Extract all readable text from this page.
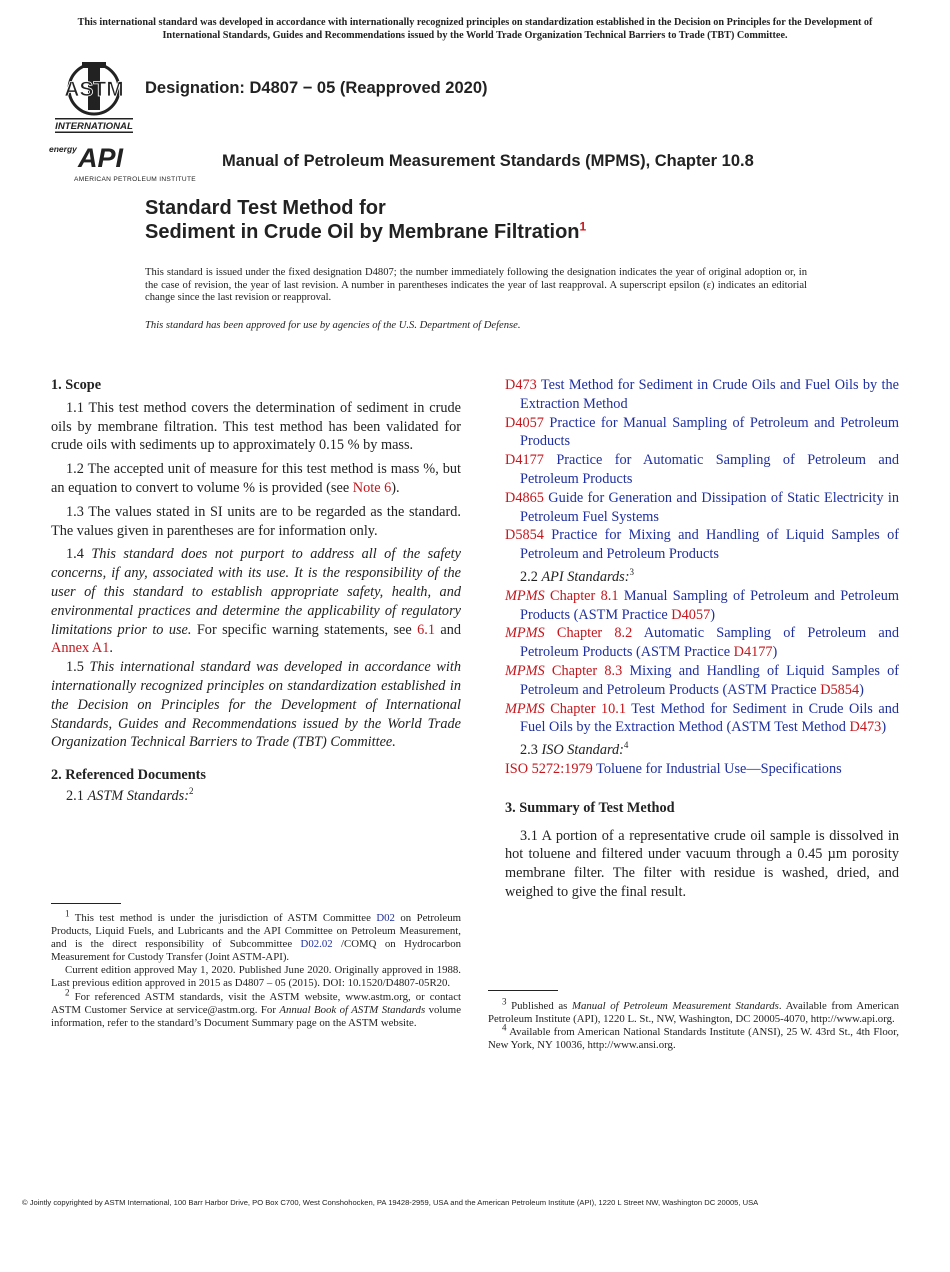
This international standard was developed in accordance with internationally recognized principles on standardization established in the Decision on Principles for the Development of International Standards, Guides and Recommendations issued by the World Trade Organization Technical Barriers to Trade (TBT) Committee.
ASTM
INTERNATIONAL
energy API
AMERICAN PETROLEUM INSTITUTE
Designation: D4807 − 05 (Reapproved 2020)
Manual of Petroleum Measurement Standards (MPMS), Chapter 10.8
Standard Test Method for
Sediment in Crude Oil by Membrane Filtration$^1$
This standard is issued under the fixed designation D4807; the number immediately following the designation indicates the year of original adoption or, in the case of revision, the year of last revision. A number in parentheses indicates the year of last reapproval. A superscript epsilon (ε) indicates an editorial change since the last revision or reapproval.
This standard has been approved for use by agencies of the U.S. Department of Defense.
1. Scope

1.1 This test method covers the determination of sediment in crude oils by membrane filtration. This test method has been validated for crude oils with sediments up to approximately 0.15 % by mass.

1.2 The accepted unit of measure for this test method is mass %, but an equation to convert to volume % is provided (see Note 6).

1.3 The values stated in SI units are to be regarded as the standard. The values given in parentheses are for information only.

1.4 This standard does not purport to address all of the safety concerns, if any, associated with its use. It is the responsibility of the user of this standard to establish appropriate safety, health, and environmental practices and determine the applicability of regulatory limitations prior to use. For specific warning statements, see 6.1 and Annex A1.

1.5 This international standard was developed in accordance with internationally recognized principles on standardization established in the Decision on Principles for the Development of International Standards, Guides and Recommendations issued by the World Trade Organization Technical Barriers to Trade (TBT) Committee.

2. Referenced Documents

2.1 ASTM Standards:$^2$

D473 Test Method for Sediment in Crude Oils and Fuel Oils by the Extraction Method

D4057 Practice for Manual Sampling of Petroleum and Petroleum Products

D4177 Practice for Automatic Sampling of Petroleum and Petroleum Products

D4865 Guide for Generation and Dissipation of Static Electricity in Petroleum Fuel Systems

D5854 Practice for Mixing and Handling of Liquid Samples of Petroleum and Petroleum Products

2.2 API Standards:$^3$

MPMS Chapter 8.1 Manual Sampling of Petroleum and Petroleum Products (ASTM Practice D4057)

MPMS Chapter 8.2 Automatic Sampling of Petroleum and Petroleum Products (ASTM Practice D4177)

MPMS Chapter 8.3 Mixing and Handling of Liquid Samples of Petroleum and Petroleum Products (ASTM Practice D5854)

MPMS Chapter 10.1 Test Method for Sediment in Crude Oils and Fuel Oils by the Extraction Method (ASTM Test Method D473)

2.3 ISO Standard:$^4$

ISO 5272:1979 Toluene for Industrial Use—Specifications

3. Summary of Test Method

3.1 A portion of a representative crude oil sample is dissolved in hot toluene and filtered under vacuum through a 0.45 µm porosity membrane filter. The filter with residue is washed, dried, and weighed to give the final result.

$^1$ This test method is under the jurisdiction of ASTM Committee D02 on Petroleum Products, Liquid Fuels, and Lubricants and the API Committee on Petroleum Measurement, and is the direct responsibility of Subcommittee D02.02 /COMQ on Hydrocarbon Measurement for Custody Transfer (Joint ASTM-API).

Current edition approved May 1, 2020. Published June 2020. Originally approved in 1988. Last previous edition approved in 2015 as D4807 – 05 (2015). DOI: 10.1520/D4807-05R20.

$^2$ For referenced ASTM standards, visit the ASTM website, www.astm.org, or contact ASTM Customer Service at service@astm.org. For Annual Book of ASTM Standards volume information, refer to the standard’s Document Summary page on the ASTM website.

$^3$ Published as Manual of Petroleum Measurement Standards. Available from American Petroleum Institute (API), 1220 L. St., NW, Washington, DC 20005-4070, http://www.api.org.

$^4$ Available from American National Standards Institute (ANSI), 25 W. 43rd St., 4th Floor, New York, NY 10036, http://www.ansi.org.

© Jointly copyrighted by ASTM International, 100 Barr Harbor Drive, PO Box C700, West Conshohocken, PA 19428-2959, USA and the American Petroleum Institute (API), 1220 L Street NW, Washington DC 20005, USA
